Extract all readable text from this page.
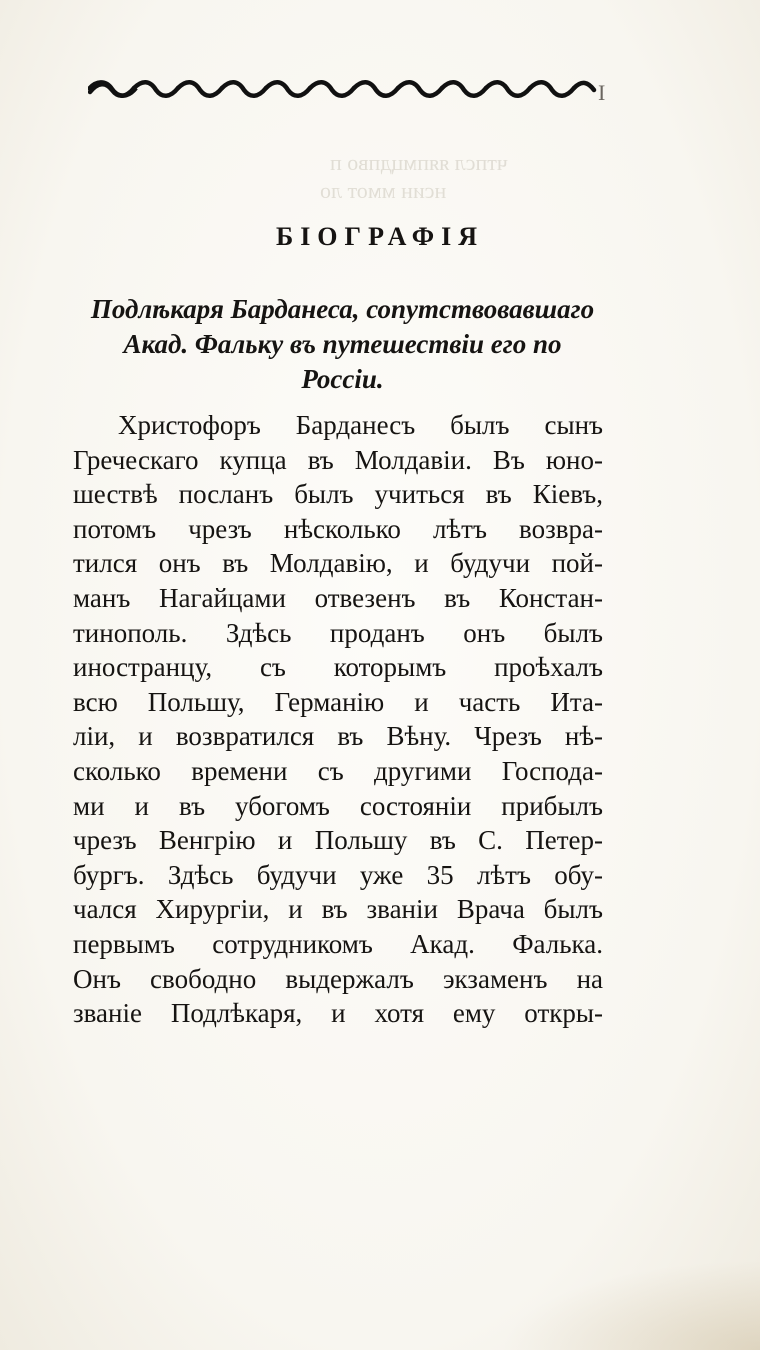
чтпcл яяпмцдпво п
нсин ммот ло
I
БIОГРАФIЯ
Подлѣкаря Барданеса, сопутствовавшаго
Акад. Фалькy въ путешествiи его по
Россiи.
Христофоръ Барданесъ былъ сынъ
Греческаго купца въ Молдавiи. Въ юно-
шествѣ посланъ былъ учиться въ Кiевъ,
потомъ чрезъ нѣсколько лѣтъ возвра-
тился онъ въ Молдавiю, и будучи пой-
манъ Нагайцами отвезенъ въ Констан-
тинополь. Здѣсь проданъ онъ былъ
иностранцу, съ которымъ проѣхалъ
всю Польшу, Германiю и часть Ита-
лiи, и возвратился въ Вѣну. Чрезъ нѣ-
сколько времени съ другими Господа-
ми и въ убогомъ состоянiи прибылъ
чрезъ Венгрiю и Польшу въ С. Петер-
бургъ. Здѣсь будучи уже 35 лѣтъ обу-
чался Хирургiи, и въ званiи Врача былъ
первымъ сотрудникомъ Акад. Фалька.
Онъ свободно выдержалъ экзаменъ на
званiе Подлѣкаря, и хотя ему откры-
